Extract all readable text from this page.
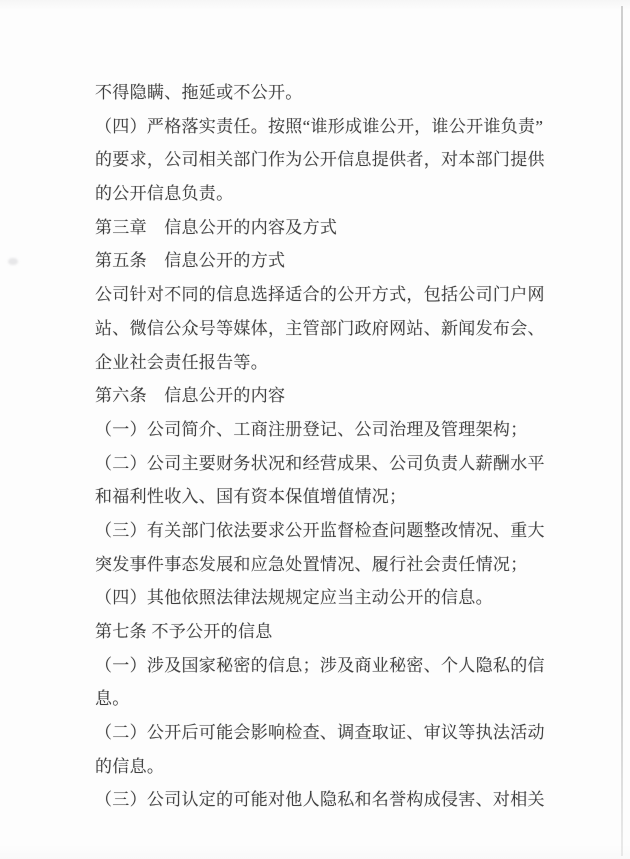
不得隐瞒、拖延或不公开。
（四）严格落实责任。按照“谁形成谁公开，谁公开谁负责”
的要求，公司相关部门作为公开信息提供者，对本部门提供
的公开信息负责。
第三章　信息公开的内容及方式
第五条　信息公开的方式
公司针对不同的信息选择适合的公开方式，包括公司门户网
站、微信公众号等媒体，主管部门政府网站、新闻发布会、
企业社会责任报告等。
第六条　信息公开的内容
（一）公司简介、工商注册登记、公司治理及管理架构；
（二）公司主要财务状况和经营成果、公司负责人薪酬水平
和福利性收入、国有资本保值增值情况；
（三）有关部门依法要求公开监督检查问题整改情况、重大
突发事件事态发展和应急处置情况、履行社会责任情况；
（四）其他依照法律法规规定应当主动公开的信息。
第七条 不予公开的信息
（一）涉及国家秘密的信息；涉及商业秘密、个人隐私的信
息。
（二）公开后可能会影响检查、调查取证、审议等执法活动
的信息。
（三）公司认定的可能对他人隐私和名誉构成侵害、对相关
